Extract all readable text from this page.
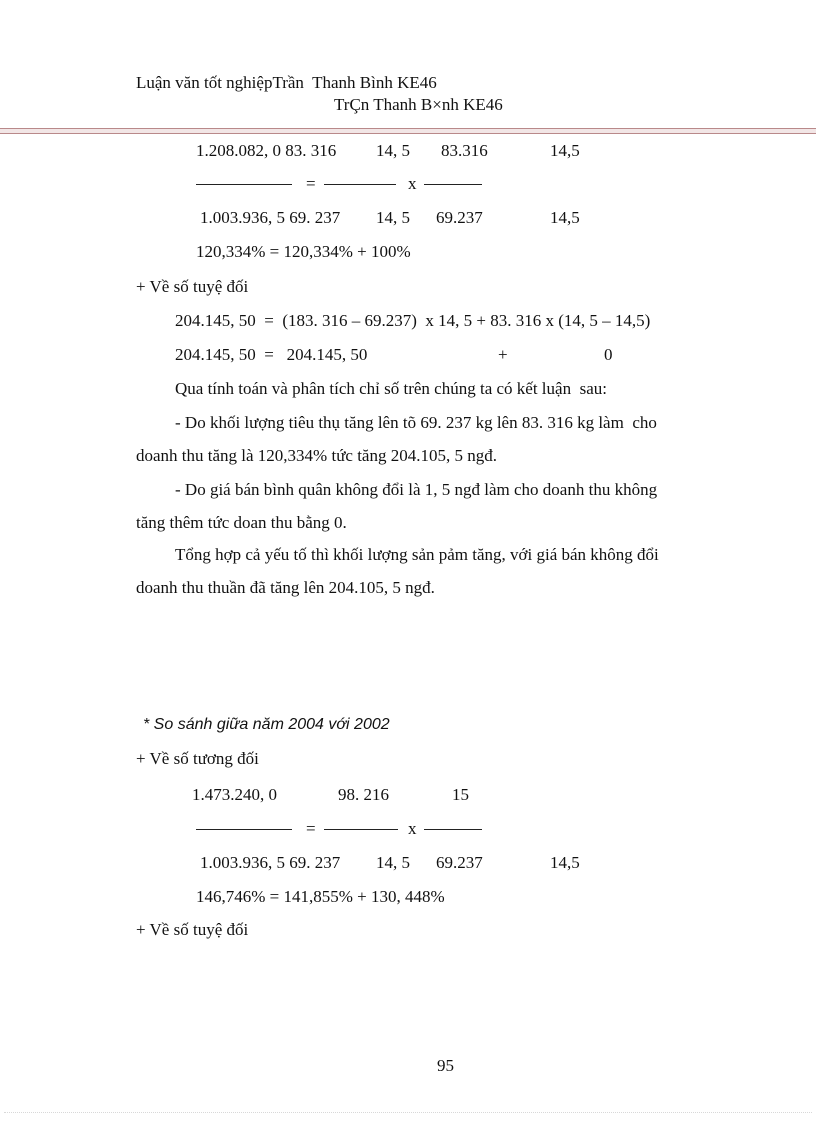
Luận văn tốt nghiệpTrần  Thanh Bình KE46
TrÇn Thanh B×nh KE46
1.208.082, 0 83. 316 14, 5 83.316	14,5
=	x
1.003.936, 5 69. 237 14, 5 69.237	14,5
120,334% = 120,334% + 100%
+ Về số tuyệ đối
204.145, 50  =  (183. 316 – 69.237)  x 14, 5 + 83. 316 x (14, 5 – 14,5)
204.145, 50  =   204.145, 50	+	0
Qua tính toán và phân tích chỉ số trên chúng ta có kết luận  sau:
- Do khối lượng tiêu thụ tăng lên tõ 69. 237 kg lên 83. 316 kg làm  cho
doanh thu tăng là 120,334% tức tăng 204.105, 5 ngđ.
- Do giá bán bình quân không đổi là 1, 5 ngđ làm cho doanh thu không
tăng thêm tức doan thu bằng 0.
Tổng hợp cả yếu tố thì khối lượng sản pảm tăng, với giá bán không đổi
doanh thu thuần đã tăng lên 204.105, 5 ngđ.
* So sánh giữa năm 2004 với 2002
+ Về số tương đối
1.473.240, 0	98. 216	15
=	x
1.003.936, 5 69. 237 14, 5 69.237	14,5
146,746% = 141,855% + 130, 448%
+ Về số tuyệ đối
95
